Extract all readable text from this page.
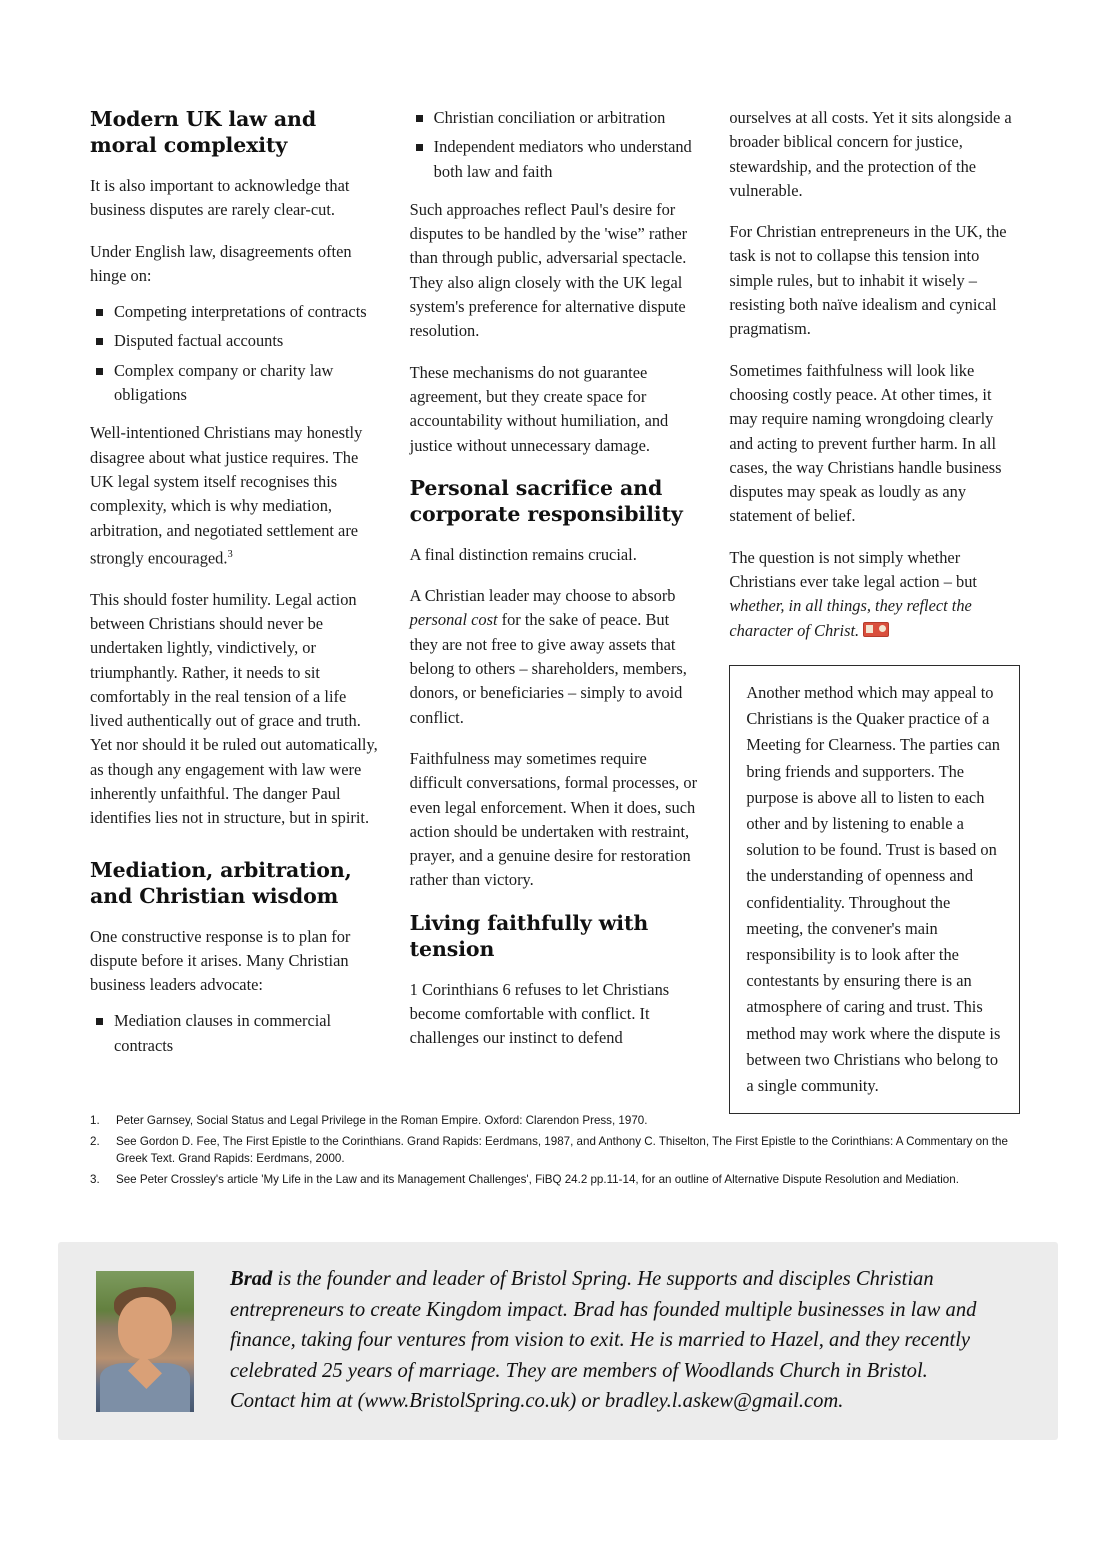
Modern UK law and moral complexity

It is also important to acknowledge that business disputes are rarely clear-cut.

Under English law, disagreements often hinge on:

Competing interpretations of contracts
Disputed factual accounts
Complex company or charity law obligations

Well-intentioned Christians may honestly disagree about what justice requires. The UK legal system itself recognises this complexity, which is why mediation, arbitration, and negotiated settlement are strongly encouraged.$^3$

This should foster humility. Legal action between Christians should never be undertaken lightly, vindictively, or triumphantly. Rather, it needs to sit comfortably in the real tension of a life lived authentically out of grace and truth. Yet nor should it be ruled out automatically, as though any engagement with law were inherently unfaithful. The danger Paul identifies lies not in structure, but in spirit.

Mediation, arbitration, and Christian wisdom

One constructive response is to plan for dispute before it arises. Many Christian business leaders advocate:

Mediation clauses in commercial contracts
Christian conciliation or arbitration
Independent mediators who understand both law and faith

Such approaches reflect Paul's desire for disputes to be handled by the 'wise” rather than through public, adversarial spectacle. They also align closely with the UK legal system's preference for alternative dispute resolution.

These mechanisms do not guarantee agreement, but they create space for accountability without humiliation, and justice without unnecessary damage.

Personal sacrifice and corporate responsibility

A final distinction remains crucial.

A Christian leader may choose to absorb personal cost for the sake of peace. But they are not free to give away assets that belong to others – shareholders, members, donors, or beneficiaries – simply to avoid conflict.

Faithfulness may sometimes require difficult conversations, formal processes, or even legal enforcement. When it does, such action should be undertaken with restraint, prayer, and a genuine desire for restoration rather than victory.

Living faithfully with tension

1 Corinthians 6 refuses to let Christians become comfortable with conflict. It challenges our instinct to defend

ourselves at all costs. Yet it sits alongside a broader biblical concern for justice, stewardship, and the protection of the vulnerable.

For Christian entrepreneurs in the UK, the task is not to collapse this tension into simple rules, but to inhabit it wisely – resisting both naïve idealism and cynical pragmatism.

Sometimes faithfulness will look like choosing costly peace. At other times, it may require naming wrongdoing clearly and acting to prevent further harm. In all cases, the way Christians handle business disputes may speak as loudly as any statement of belief.

The question is not simply whether Christians ever take legal action – but whether, in all things, they reflect the character of Christ.

Another method which may appeal to Christians is the Quaker practice of a Meeting for Clearness. The parties can bring friends and supporters. The purpose is above all to listen to each other and by listening to enable a solution to be found. Trust is based on the understanding of openness and confidentiality. Throughout the meeting, the convener's main responsibility is to look after the contestants by ensuring there is an atmosphere of caring and trust. This method may work where the dispute is between two Christians who belong to a single community.

1.	Peter Garnsey, Social Status and Legal Privilege in the Roman Empire. Oxford: Clarendon Press, 1970.
2.	See Gordon D. Fee, The First Epistle to the Corinthians. Grand Rapids: Eerdmans, 1987, and Anthony C. Thiselton, The First Epistle to the Corinthians: A Commentary on the Greek Text. Grand Rapids: Eerdmans, 2000.
3.	See Peter Crossley's article 'My Life in the Law and its Management Challenges', FiBQ 24.2 pp.11-14, for an outline of Alternative Dispute Resolution and Mediation.
Brad is the founder and leader of Bristol Spring. He supports and disciples Christian entrepreneurs to create Kingdom impact. Brad has founded multiple businesses in law and finance, taking four ventures from vision to exit. He is married to Hazel, and they recently celebrated 25 years of marriage. They are members of Woodlands Church in Bristol.
Contact him at (www.BristolSpring.co.uk) or bradley.l.askew@gmail.com.
